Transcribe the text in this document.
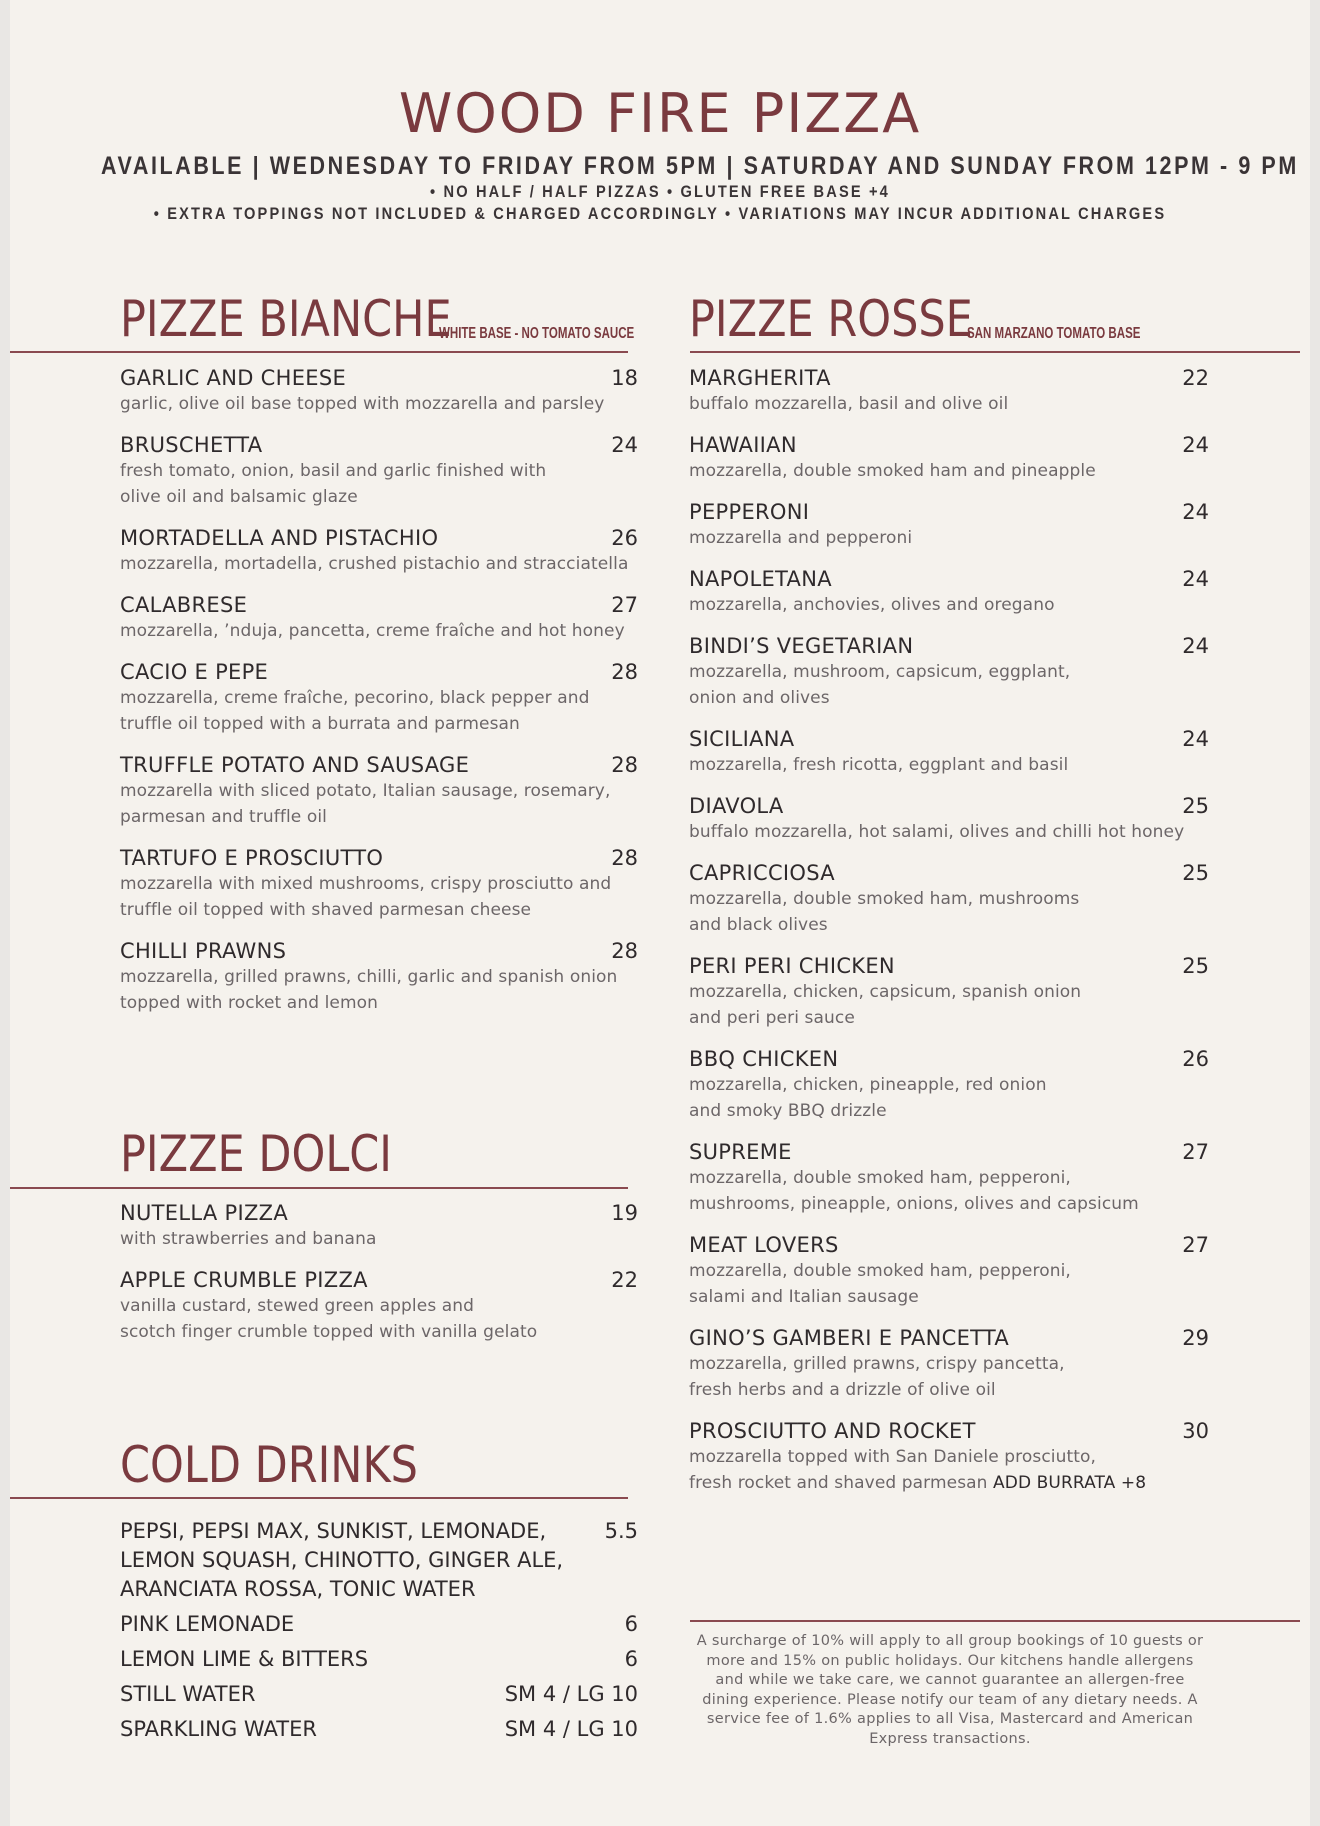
WOOD FIRE PIZZA
AVAILABLE | WEDNESDAY TO FRIDAY FROM 5PM | SATURDAY AND SUNDAY FROM 12PM - 9 PM
• NO HALF / HALF PIZZAS • GLUTEN FREE BASE +4
• EXTRA TOPPINGS NOT INCLUDED & CHARGED ACCORDINGLY • VARIATIONS MAY INCUR ADDITIONAL CHARGES
PIZZE BIANCHE
WHITE BASE - NO TOMATO SAUCE
GARLIC AND CHEESE	18
garlic, olive oil base topped with mozzarella and parsley
BRUSCHETTA	24
fresh tomato, onion, basil and garlic finished with
olive oil and balsamic glaze
MORTADELLA AND PISTACHIO	26
mozzarella, mortadella, crushed pistachio and stracciatella
CALABRESE	27
mozzarella, ’nduja, pancetta, creme fraîche and hot honey
CACIO E PEPE	28
mozzarella, creme fraîche, pecorino, black pepper and
truffle oil topped with a burrata and parmesan
TRUFFLE POTATO AND SAUSAGE	28
mozzarella with sliced potato, Italian sausage, rosemary,
parmesan and truffle oil
TARTUFO E PROSCIUTTO	28
mozzarella with mixed mushrooms, crispy prosciutto and
truffle oil topped with shaved parmesan cheese
CHILLI PRAWNS	28
mozzarella, grilled prawns, chilli, garlic and spanish onion
topped with rocket and lemon
PIZZE DOLCI
NUTELLA PIZZA	19
with strawberries and banana
APPLE CRUMBLE PIZZA	22
vanilla custard, stewed green apples and
scotch finger crumble topped with vanilla gelato
COLD DRINKS
PEPSI, PEPSI MAX, SUNKIST, LEMONADE,
LEMON SQUASH, CHINOTTO, GINGER ALE,
ARANCIATA ROSSA, TONIC WATER
5.5
PINK LEMONADE	6
LEMON LIME & BITTERS	6
STILL WATER	SM 4 / LG 10
SPARKLING WATER	SM 4 / LG 10
PIZZE ROSSE
SAN MARZANO TOMATO BASE
MARGHERITA	22
buffalo mozzarella, basil and olive oil
HAWAIIAN	24
mozzarella, double smoked ham and pineapple
PEPPERONI	24
mozzarella and pepperoni
NAPOLETANA	24
mozzarella, anchovies, olives and oregano
BINDI’S VEGETARIAN	24
mozzarella, mushroom, capsicum, eggplant,
onion and olives
SICILIANA	24
mozzarella, fresh ricotta, eggplant and basil
DIAVOLA	25
buffalo mozzarella, hot salami, olives and chilli hot honey
CAPRICCIOSA	25
mozzarella, double smoked ham, mushrooms
and black olives
PERI PERI CHICKEN	25
mozzarella, chicken, capsicum, spanish onion
and peri peri sauce
BBQ CHICKEN	26
mozzarella, chicken, pineapple, red onion
and smoky BBQ drizzle
SUPREME	27
mozzarella, double smoked ham, pepperoni,
mushrooms, pineapple, onions, olives and capsicum
MEAT LOVERS	27
mozzarella, double smoked ham, pepperoni,
salami and Italian sausage
GINO’S GAMBERI E PANCETTA	29
mozzarella, grilled prawns, crispy pancetta,
fresh herbs and a drizzle of olive oil
PROSCIUTTO AND ROCKET	30
mozzarella topped with San Daniele prosciutto,
fresh rocket and shaved parmesan ADD BURRATA +8
A surcharge of 10% will apply to all group bookings of 10 guests or more and 15% on public holidays. Our kitchens handle allergens and while we take care, we cannot guarantee an allergen-free dining experience. Please notify our team of any dietary needs. A service fee of 1.6% applies to all Visa, Mastercard and American Express transactions.
